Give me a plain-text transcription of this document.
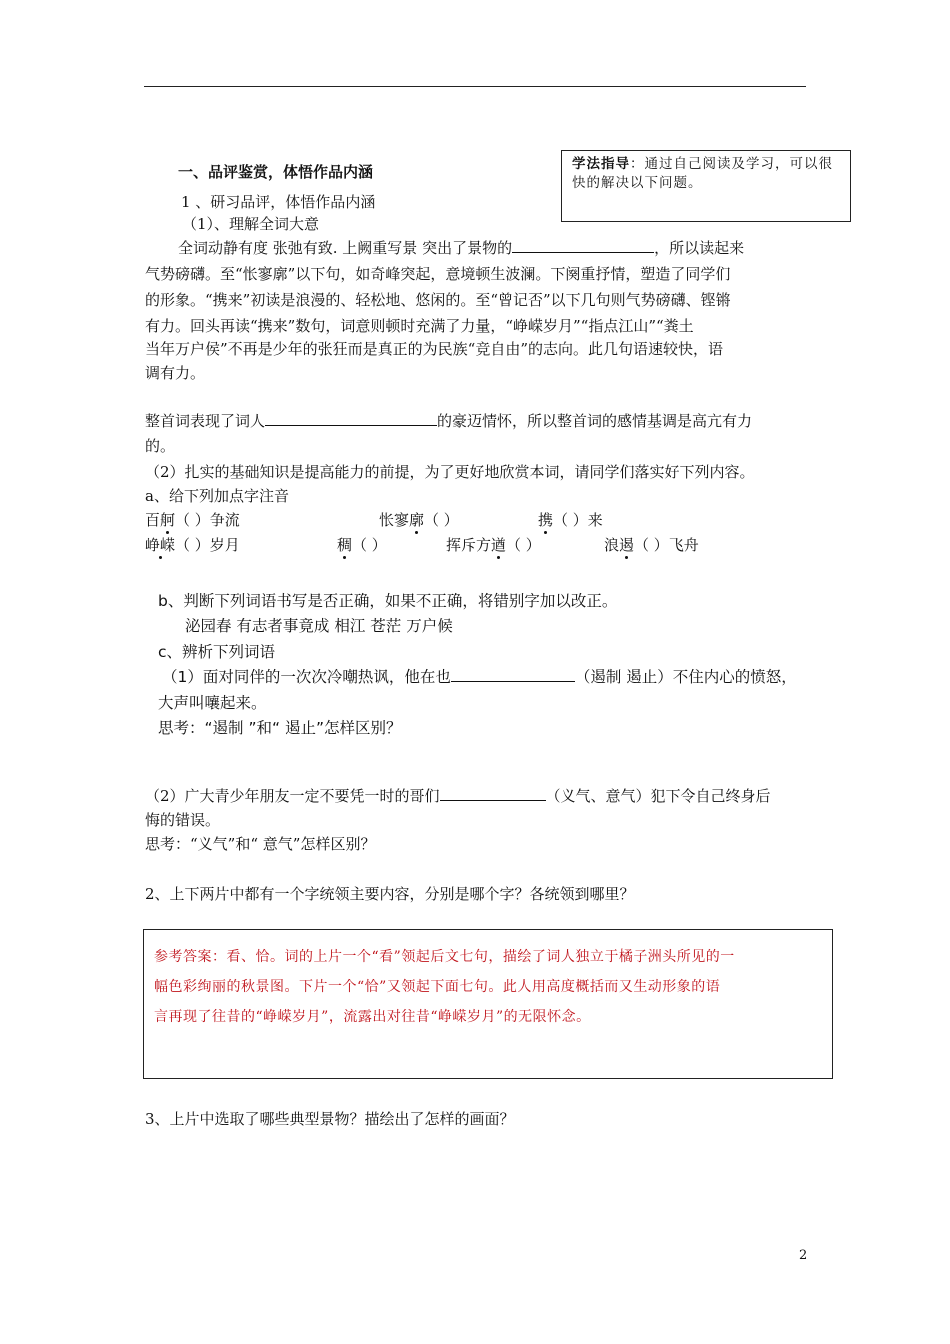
学法指导：通过自己阅读及学习，可以很快的解决以下问题。
一、品评鉴赏，体悟作品内涵
1 、研习品评，体悟作品内涵
（1）、理解全词大意
全词动静有度 张弛有致. 上阙重写景 突出了景物的	，所以读起来
气势磅礴。至“怅寥廓”以下句，如奇峰突起，意境顿生波澜。下阕重抒情，塑造了同学们
的形象。“携来”初读是浪漫的、轻松地、悠闲的。至“曾记否”以下几句则气势磅礴、铿锵
有力。回头再读“携来”数句，词意则顿时充满了力量，“峥嵘岁月”“指点江山”“粪土
当年万户侯”不再是少年的张狂而是真正的为民族“竞自由”的志向。此几句语速较快，语
调有力。
整首词表现了词人	的豪迈情怀，所以整首词的感情基调是高亢有力
的。
（2）扎实的基础知识是提高能力的前提，为了更好地欣赏本词，请同学们落实好下列内容。
a、给下列加点字注音
百舸（ ）争流	怅寥廓（ ）	携（ ）来
峥嵘（ ）岁月	稠（ ）	挥斥方遒（ ）	浪遏（ ）飞舟
b、判断下列词语书写是否正确，如果不正确，将错别字加以改正。
泌园春 有志者事竟成 相江 苍茫 万户候
c、辨析下列词语
（1）面对同伴的一次次冷嘲热讽，他在也	（遏制 遏止）不住内心的愤怒，
大声叫嚷起来。
思考：“遏制 ”和“ 遏止”怎样区别？
（2）广大青少年朋友一定不要凭一时的哥们	（义气、意气）犯下令自己终身后
悔的错误。
思考：“义气”和“ 意气”怎样区别？
2、上下两片中都有一个字统领主要内容，分别是哪个字？各统领到哪里？
参考答案：看、恰。词的上片一个“看”领起后文七句，描绘了词人独立于橘子洲头所见的一
幅色彩绚丽的秋景图。下片一个“恰”又领起下面七句。此人用高度概括而又生动形象的语
言再现了往昔的“峥嵘岁月”，流露出对往昔“峥嵘岁月”的无限怀念。
3、上片中选取了哪些典型景物？描绘出了怎样的画面？
2
